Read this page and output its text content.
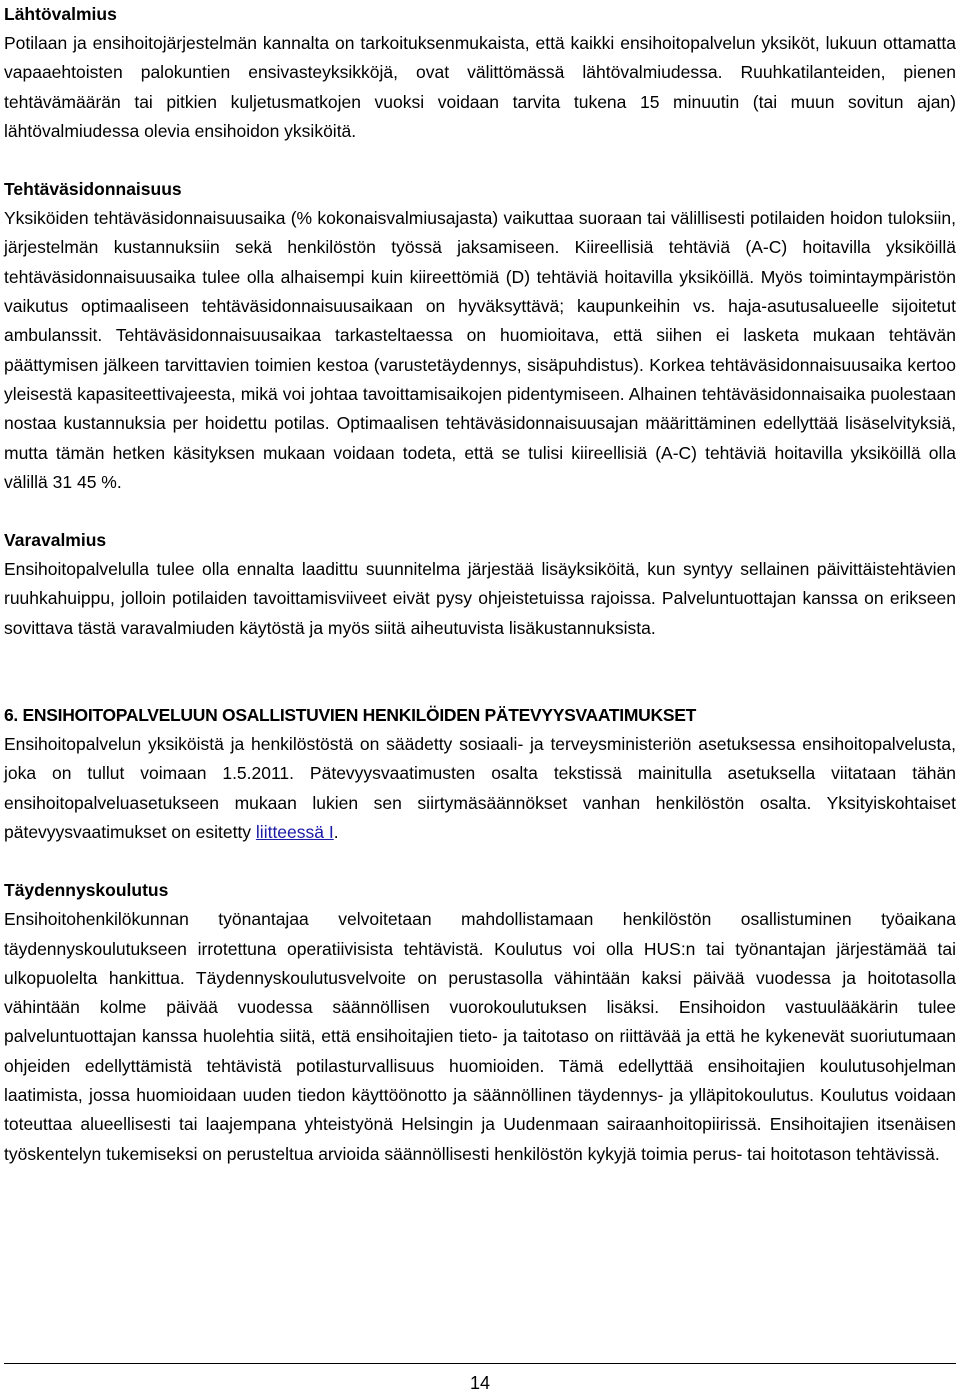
Lähtövalmius

Potilaan ja ensihoitojärjestelmän kannalta on tarkoituksenmukaista, että kaikki ensihoitopalvelun yksiköt, lukuun ottamatta vapaaehtoisten palokuntien ensivasteyksikköjä, ovat välittömässä lähtövalmiudessa. Ruuhkatilanteiden, pienen tehtävämäärän tai pitkien kuljetusmatkojen vuoksi voidaan tarvita tukena 15 minuutin (tai muun sovitun ajan) lähtövalmiudessa olevia ensihoidon yksiköitä.

Tehtäväsidonnaisuus

Yksiköiden tehtäväsidonnaisuusaika (% kokonaisvalmiusajasta) vaikuttaa suoraan tai välillisesti potilaiden hoidon tuloksiin, järjestelmän kustannuksiin sekä henkilöstön työssä jaksamiseen. Kiireellisiä tehtäviä (A-C) hoitavilla yksiköillä tehtäväsidonnaisuusaika tulee olla alhaisempi kuin kiireettömiä (D) tehtäviä hoitavilla yksiköillä. Myös toimintaympäristön vaikutus optimaaliseen tehtäväsidonnaisuusaikaan on hyväksyttävä; kaupunkeihin vs. haja-asutusalueelle sijoitetut ambulanssit. Tehtäväsidonnaisuusaikaa tarkasteltaessa on huomioitava, että siihen ei lasketa mukaan tehtävän päättymisen jälkeen tarvittavien toimien kestoa (varustetäydennys, sisäpuhdistus). Korkea tehtäväsidonnaisuusaika kertoo yleisestä kapasiteettivajeesta, mikä voi johtaa tavoittamisaikojen pidentymiseen. Alhainen tehtäväsidonnaisaika puolestaan nostaa kustannuksia per hoidettu potilas. Optimaalisen tehtäväsidonnaisuusajan määrittäminen edellyttää lisäselvityksiä, mutta tämän hetken käsityksen mukaan voidaan todeta, että se tulisi kiireellisiä (A-C) tehtäviä hoitavilla yksiköillä olla välillä 31 45 %.

Varavalmius

Ensihoitopalvelulla tulee olla ennalta laadittu suunnitelma järjestää lisäyksiköitä, kun syntyy sellainen päivittäistehtävien ruuhkahuippu, jolloin potilaiden tavoittamisviiveet eivät pysy ohjeistetuissa rajoissa. Palveluntuottajan kanssa on erikseen sovittava tästä varavalmiuden käytöstä ja myös siitä aiheutuvista lisäkustannuksista.

6. ENSIHOITOPALVELUUN OSALLISTUVIEN HENKILÖIDEN PÄTEVYYSVAATIMUKSET

Ensihoitopalvelun yksiköistä ja henkilöstöstä on säädetty sosiaali- ja terveysministeriön asetuksessa ensihoitopalvelusta, joka on tullut voimaan 1.5.2011. Pätevyysvaatimusten osalta tekstissä mainitulla asetuksella viitataan tähän ensihoitopalveluasetukseen mukaan lukien sen siirtymäsäännökset vanhan henkilöstön osalta. Yksityiskohtaiset pätevyysvaatimukset on esitetty liitteessä I.

Täydennyskoulutus

Ensihoitohenkilökunnan työnantajaa velvoitetaan mahdollistamaan henkilöstön osallistuminen työaikana täydennyskoulutukseen irrotettuna operatiivisista tehtävistä. Koulutus voi olla HUS:n tai työnantajan järjestämää tai ulkopuolelta hankittua. Täydennyskoulutusvelvoite on perustasolla vähintään kaksi päivää vuodessa ja hoitotasolla vähintään kolme päivää vuodessa säännöllisen vuorokoulutuksen lisäksi. Ensihoidon vastuulääkärin tulee palveluntuottajan kanssa huolehtia siitä, että ensihoitajien tieto- ja taitotaso on riittävää ja että he kykenevät suoriutumaan ohjeiden edellyttämistä tehtävistä potilasturvallisuus huomioiden. Tämä edellyttää ensihoitajien koulutusohjelman laatimista, jossa huomioidaan uuden tiedon käyttöönotto ja säännöllinen täydennys- ja ylläpitokoulutus. Koulutus voidaan toteuttaa alueellisesti tai laajempana yhteistyönä Helsingin ja Uudenmaan sairaanhoitopiirissä. Ensihoitajien itsenäisen työskentelyn tukemiseksi on perusteltua arvioida säännöllisesti henkilöstön kykyjä toimia perus- tai hoitotason tehtävissä.

14
